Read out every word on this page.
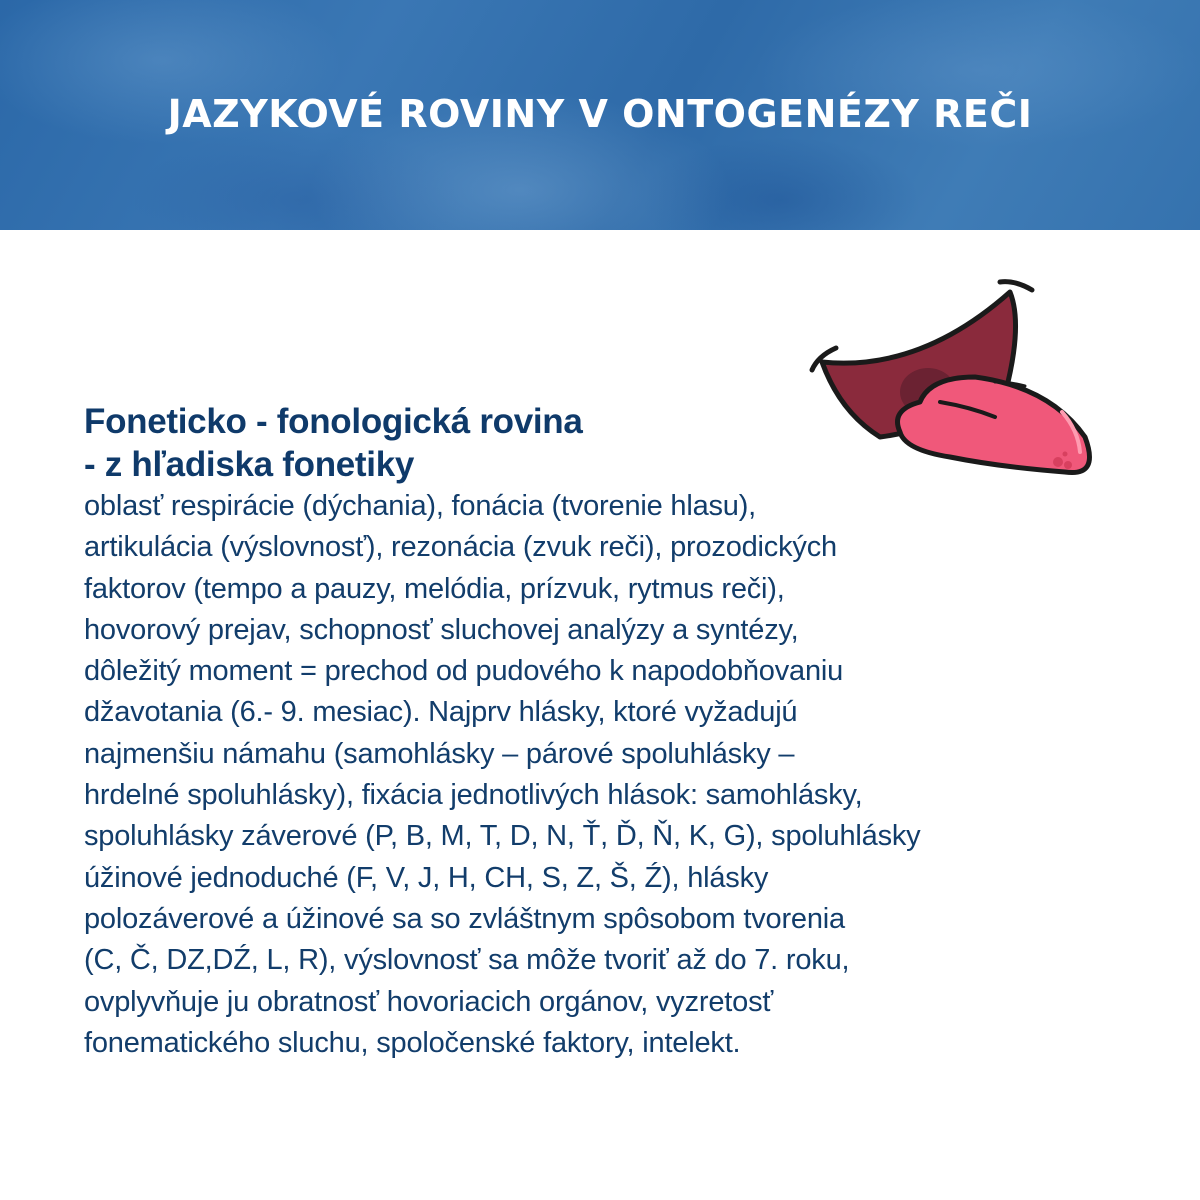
JAZYKOVÉ ROVINY V ONTOGENÉZY REČI
Foneticko - fonologická rovina
- z hľadiska fonetiky
oblasť respirácie (dýchania), fonácia (tvorenie hlasu),
artikulácia (výslovnosť), rezonácia (zvuk reči), prozodických
faktorov (tempo a pauzy, melódia, prízvuk, rytmus reči),
hovorový prejav, schopnosť sluchovej analýzy a syntézy,
dôležitý moment = prechod od pudového k napodobňovaniu
džavotania (6.- 9. mesiac). Najprv hlásky, ktoré vyžadujú
najmenšiu námahu (samohlásky – párové spoluhlásky –
hrdelné spoluhlásky), fixácia jednotlivých hlások: samohlásky,
spoluhlásky záverové (P, B, M, T, D, N, Ť, Ď, Ň, K, G), spoluhlásky
úžinové jednoduché (F, V, J, H, CH, S, Z, Š, Ź), hlásky
polozáverové a úžinové sa so zvláštnym spôsobom tvorenia
(C, Č, DZ,DŹ, L, R), výslovnosť sa môže tvoriť až do 7. roku,
ovplyvňuje ju obratnosť hovoriacich orgánov, vyzretosť
fonematického sluchu, spoločenské faktory, intelekt.
